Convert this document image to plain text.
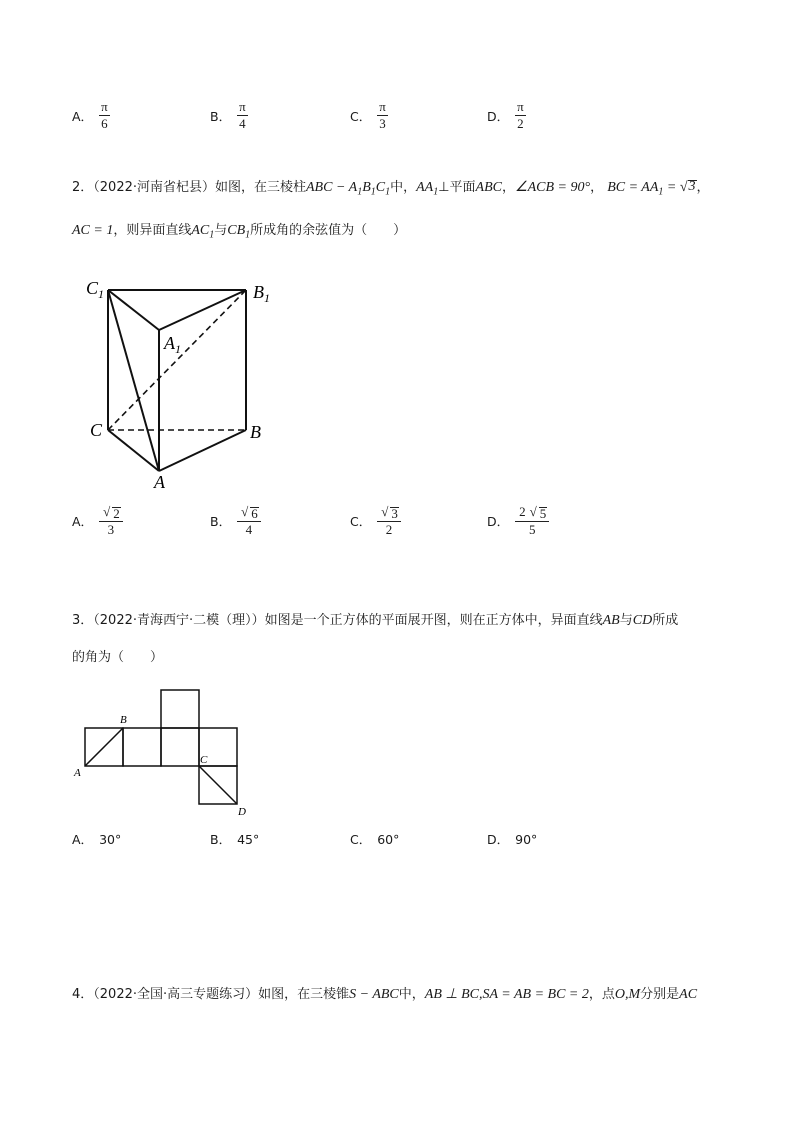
A． $\frac{\pi}{6}$	B． $\frac{\pi}{4}$	C． $\frac{\pi}{3}$	D． $\frac{\pi}{2}$
2．（2022·河南省杞县）如图，在三棱柱ABC − $A_1B_1C_1$中，$AA_1\perp$平面ABC，∠ACB = 90°， BC = $AA_1$ = √ 3 ，
AC = 1，则异面直线$AC_1$与$CB_1$所成角的余弦值为（　　）
$C_1$	$B_1$
$A_1$
C	B
A
A． $\frac{√ 2}{3}$	B． $\frac{√ 6}{4}$	C． $\frac{√ 3}{2}$	D． $\frac{2 √ 5}{5}$
3．（2022·青海西宁·二模（理））如图是一个正方体的平面展开图，则在正方体中，异面直线AB与CD所成
的角为（　　）
A
B
C
D
A． 30°	B． 45°	C． 60°	D． 90°
4．（2022·全国·高三专题练习）如图，在三棱锥S − ABC中，AB ⊥ BC,SA = AB = BC = 2，点O,M分别是AC
